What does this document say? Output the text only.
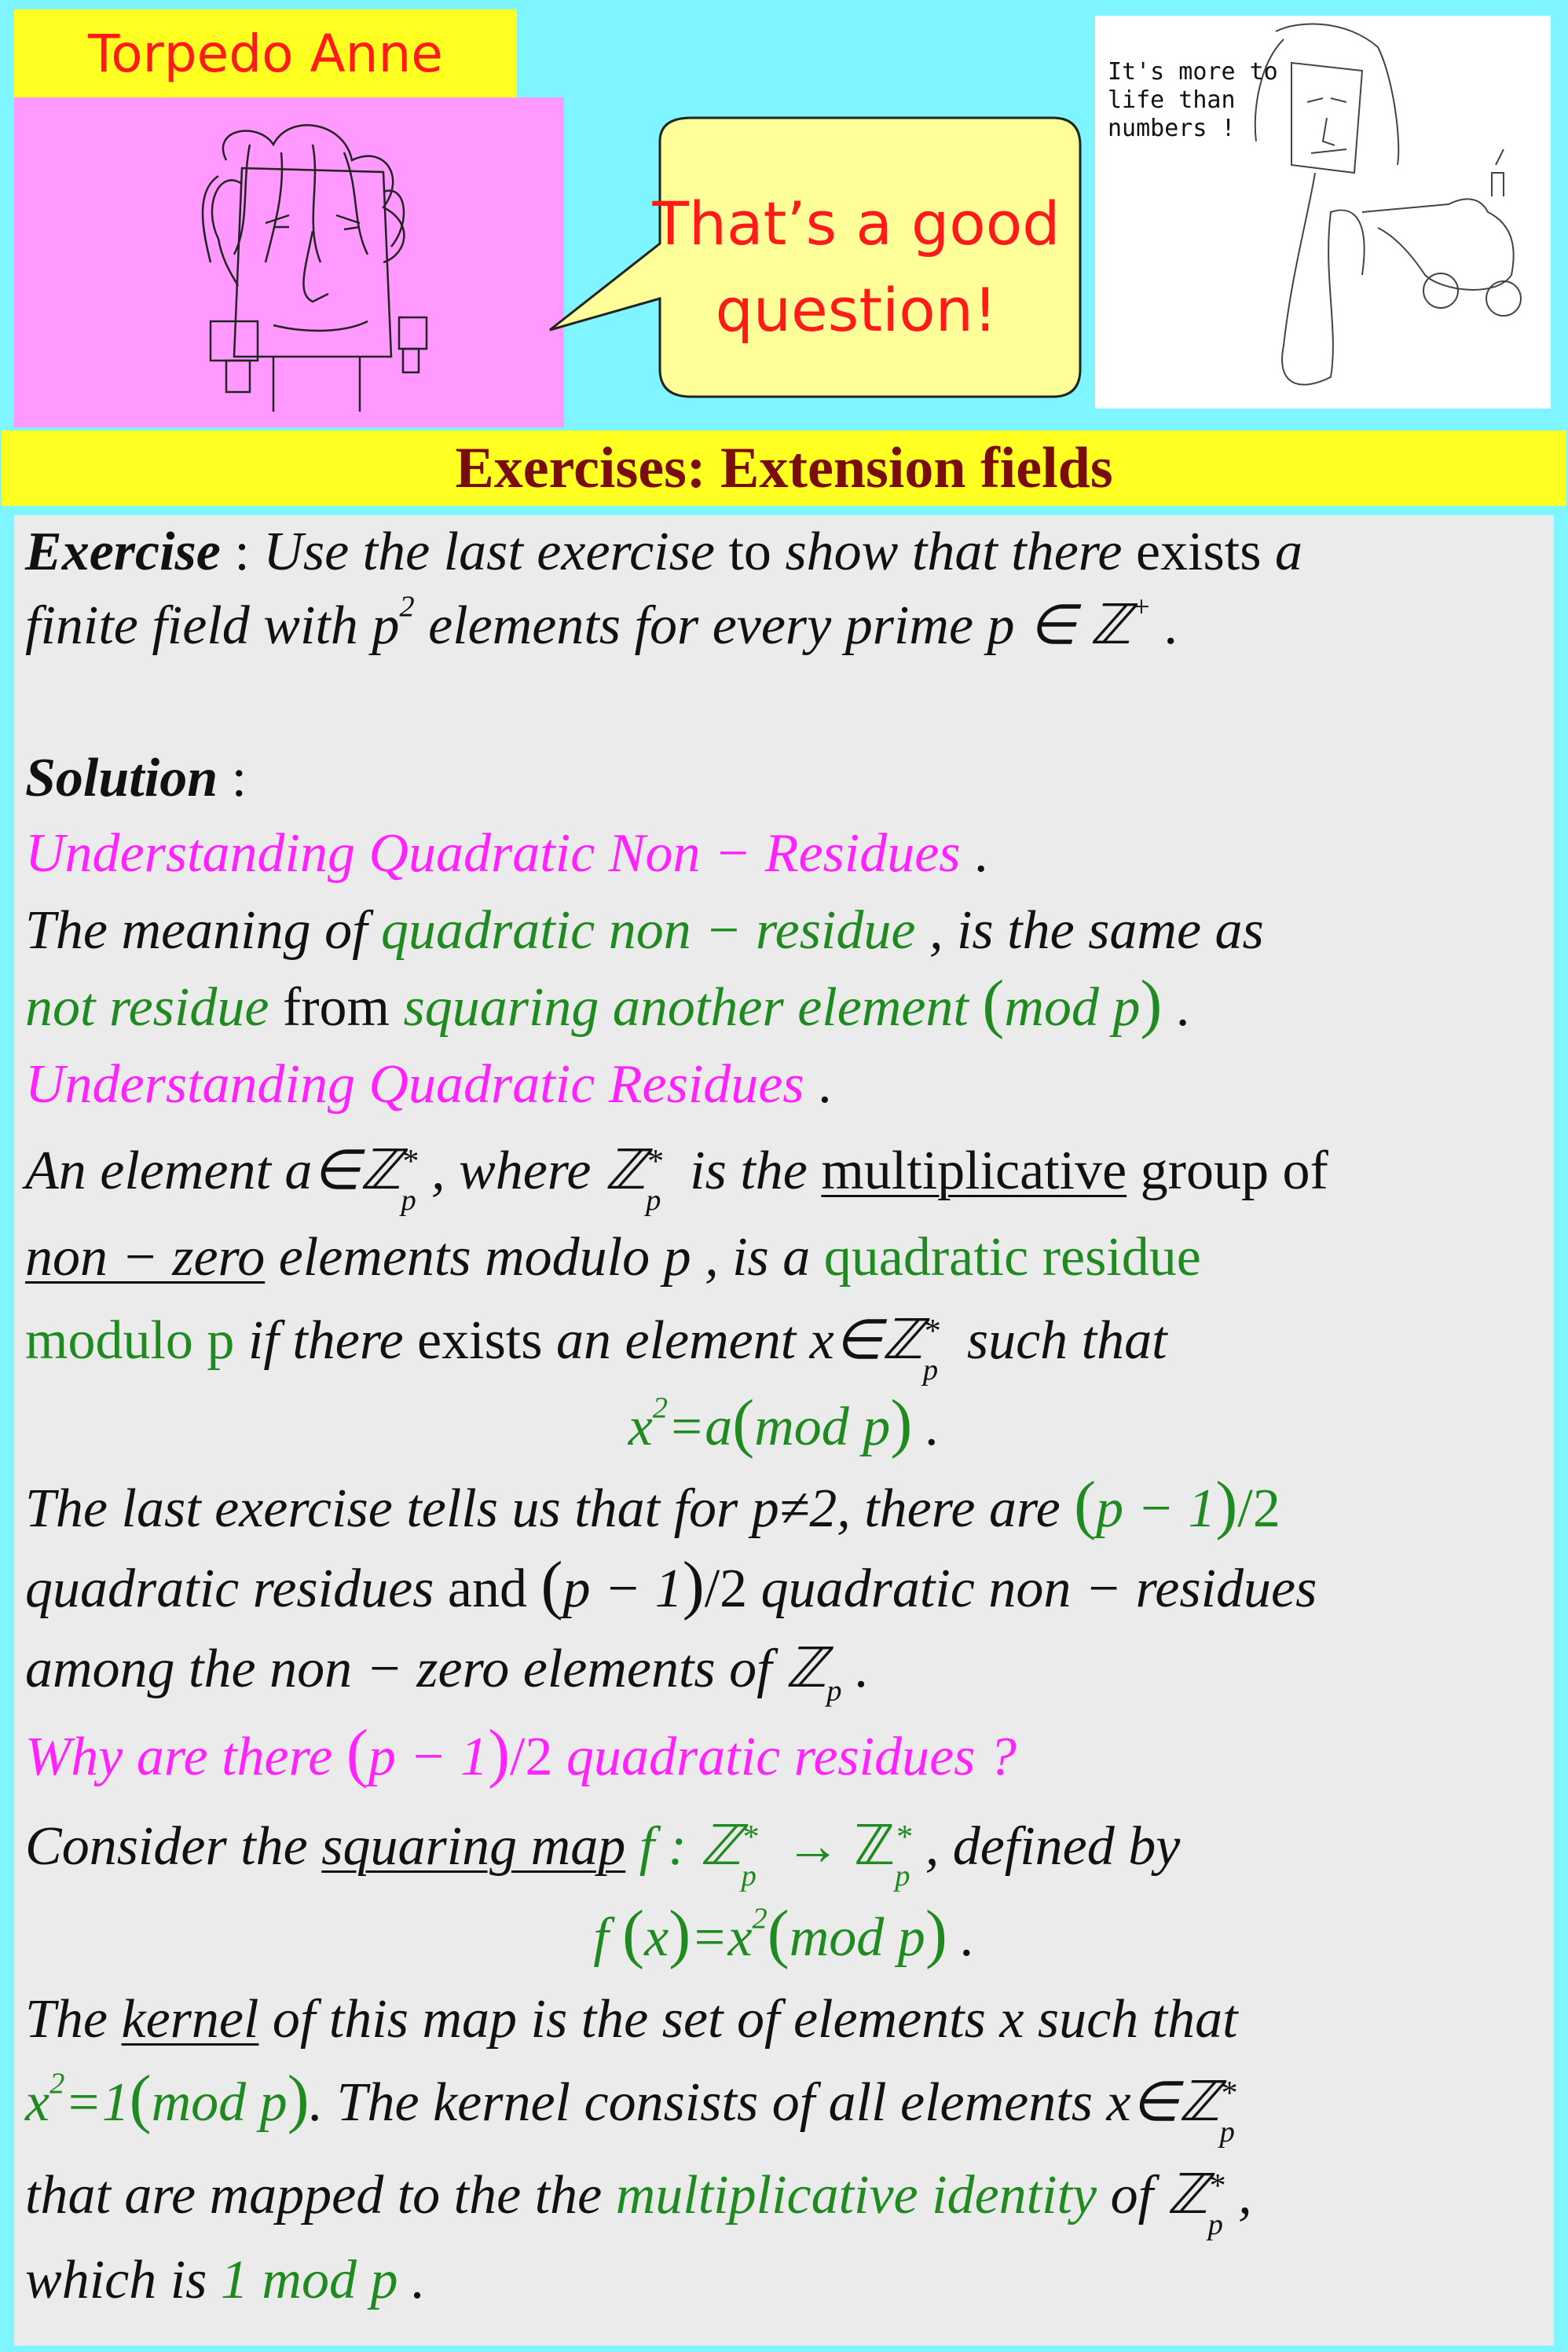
Torpedo Anne
That’s a good
question!
It's more to
life than
numbers !
Exercises: Extension fields
Exercise : Use the last exercise to show that there exists a
finite field with $p^2$ elements for every prime p ∈ ℤ+ .
Solution :
Understanding Quadratic Non − Residues .
The meaning of quadratic non − residue , is the same as
not residue from squaring another element (mod p) .
Understanding Quadratic Residues .
An element a∈ℤ *
p , where ℤ *
p is the multiplicative group of
non − zero elements modulo p , is a quadratic residue
modulo p if there exists an element x∈ℤ *
p such that
$x^2=a(mod$ p) .
The last exercise tells us that for p≠2, there are (p − 1)/2
quadratic residues and (p − 1)/2 quadratic non − residues
among the non − zero elements of ℤ$_p$ .
Why are there (p − 1)/2 quadratic residues ?
Consider the squaring map f : ℤ *
p → ℤ *
p , defined by
f $(x)=x^2(mod$ p) .
The kernel of this map is the set of elements x such that
$x^2=1(mod$ p). The kernel consists of all elements x∈ℤ *
p
that are mapped to the the multiplicative identity of ℤ *
p ,
which is 1 mod p .
